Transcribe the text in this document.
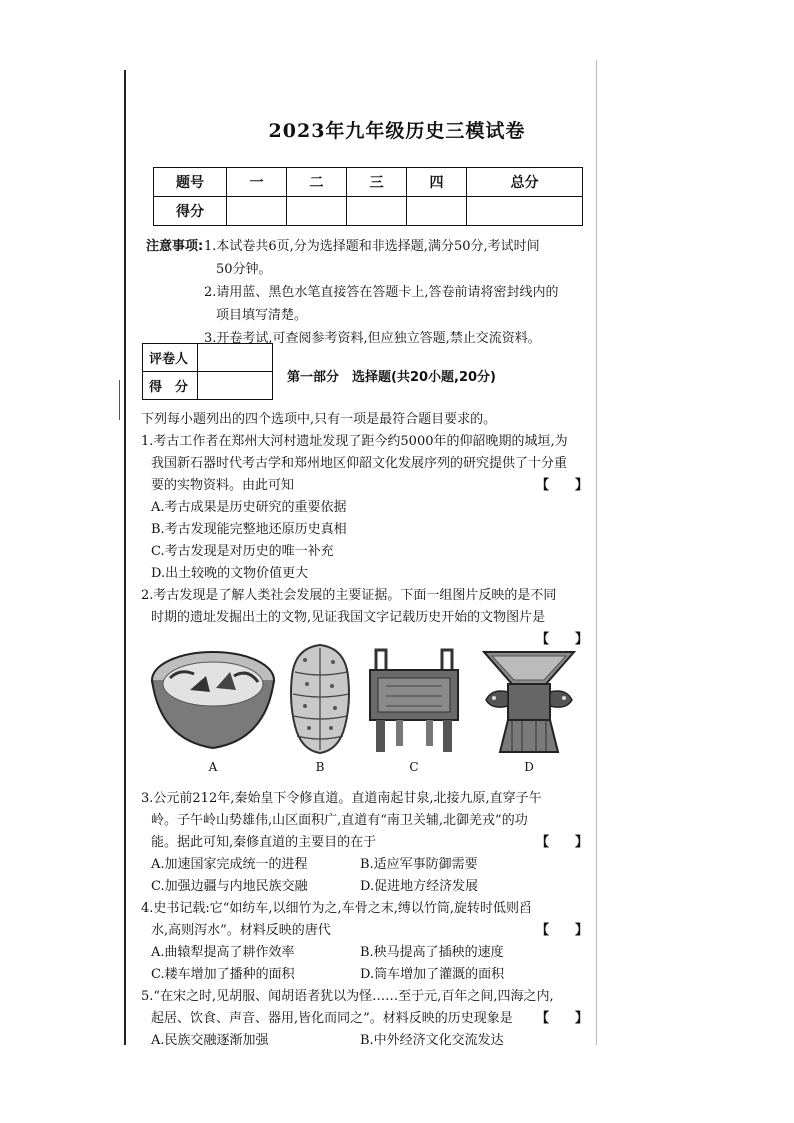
2023年九年级历史三模试卷
题号	一	二	三	四	总分
得分					
注意事项: 1.本试卷共6页,分为选择题和非选择题,满分50分,考试时间
50分钟。
2.请用蓝、黑色水笔直接答在答题卡上,答卷前请将密封线内的
项目填写清楚。
3.开卷考试,可查阅参考资料,但应独立答题,禁止交流资料。
评卷人	
得　分	
第一部分　选择题(共20小题,20分)
下列每小题列出的四个选项中,只有一项是最符合题目要求的。
1.考古工作者在郑州大河村遗址发现了距今约5000年的仰韶晚期的城垣,为
我国新石器时代考古学和郑州地区仰韶文化发展序列的研究提供了十分重
要的实物资料。由此可知	【　　】
A.考古成果是历史研究的重要依据
B.考古发现能完整地还原历史真相
C.考古发现是对历史的唯一补充
D.出土较晚的文物价值更大
2.考古发现是了解人类社会发展的主要证据。下面一组图片反映的是不同
时期的遗址发掘出土的文物,见证我国文字记载历史开始的文物图片是
【　　】
A	B	C	D
3.公元前212年,秦始皇下令修直道。直道南起甘泉,北接九原,直穿子午
岭。子午岭山势雄伟,山区面积广,直道有“南卫关辅,北御羌戎”的功
能。据此可知,秦修直道的主要目的在于	【　　】
A.加速国家完成统一的进程	B.适应军事防御需要
C.加强边疆与内地民族交融	D.促进地方经济发展
4.史书记载:它“如纺车,以细竹为之,车骨之末,缚以竹筒,旋转时低则舀
水,高则泻水”。材料反映的唐代	【　　】
A.曲辕犁提高了耕作效率	B.秧马提高了插秧的速度
C.耧车增加了播种的面积	D.筒车增加了灌溉的面积
5.“在宋之时,见胡服、闻胡语者犹以为怪……至于元,百年之间,四海之内,
起居、饮食、声音、器用,皆化而同之”。材料反映的历史现象是 【　　】
A.民族交融逐渐加强	B.中外经济文化交流发达
